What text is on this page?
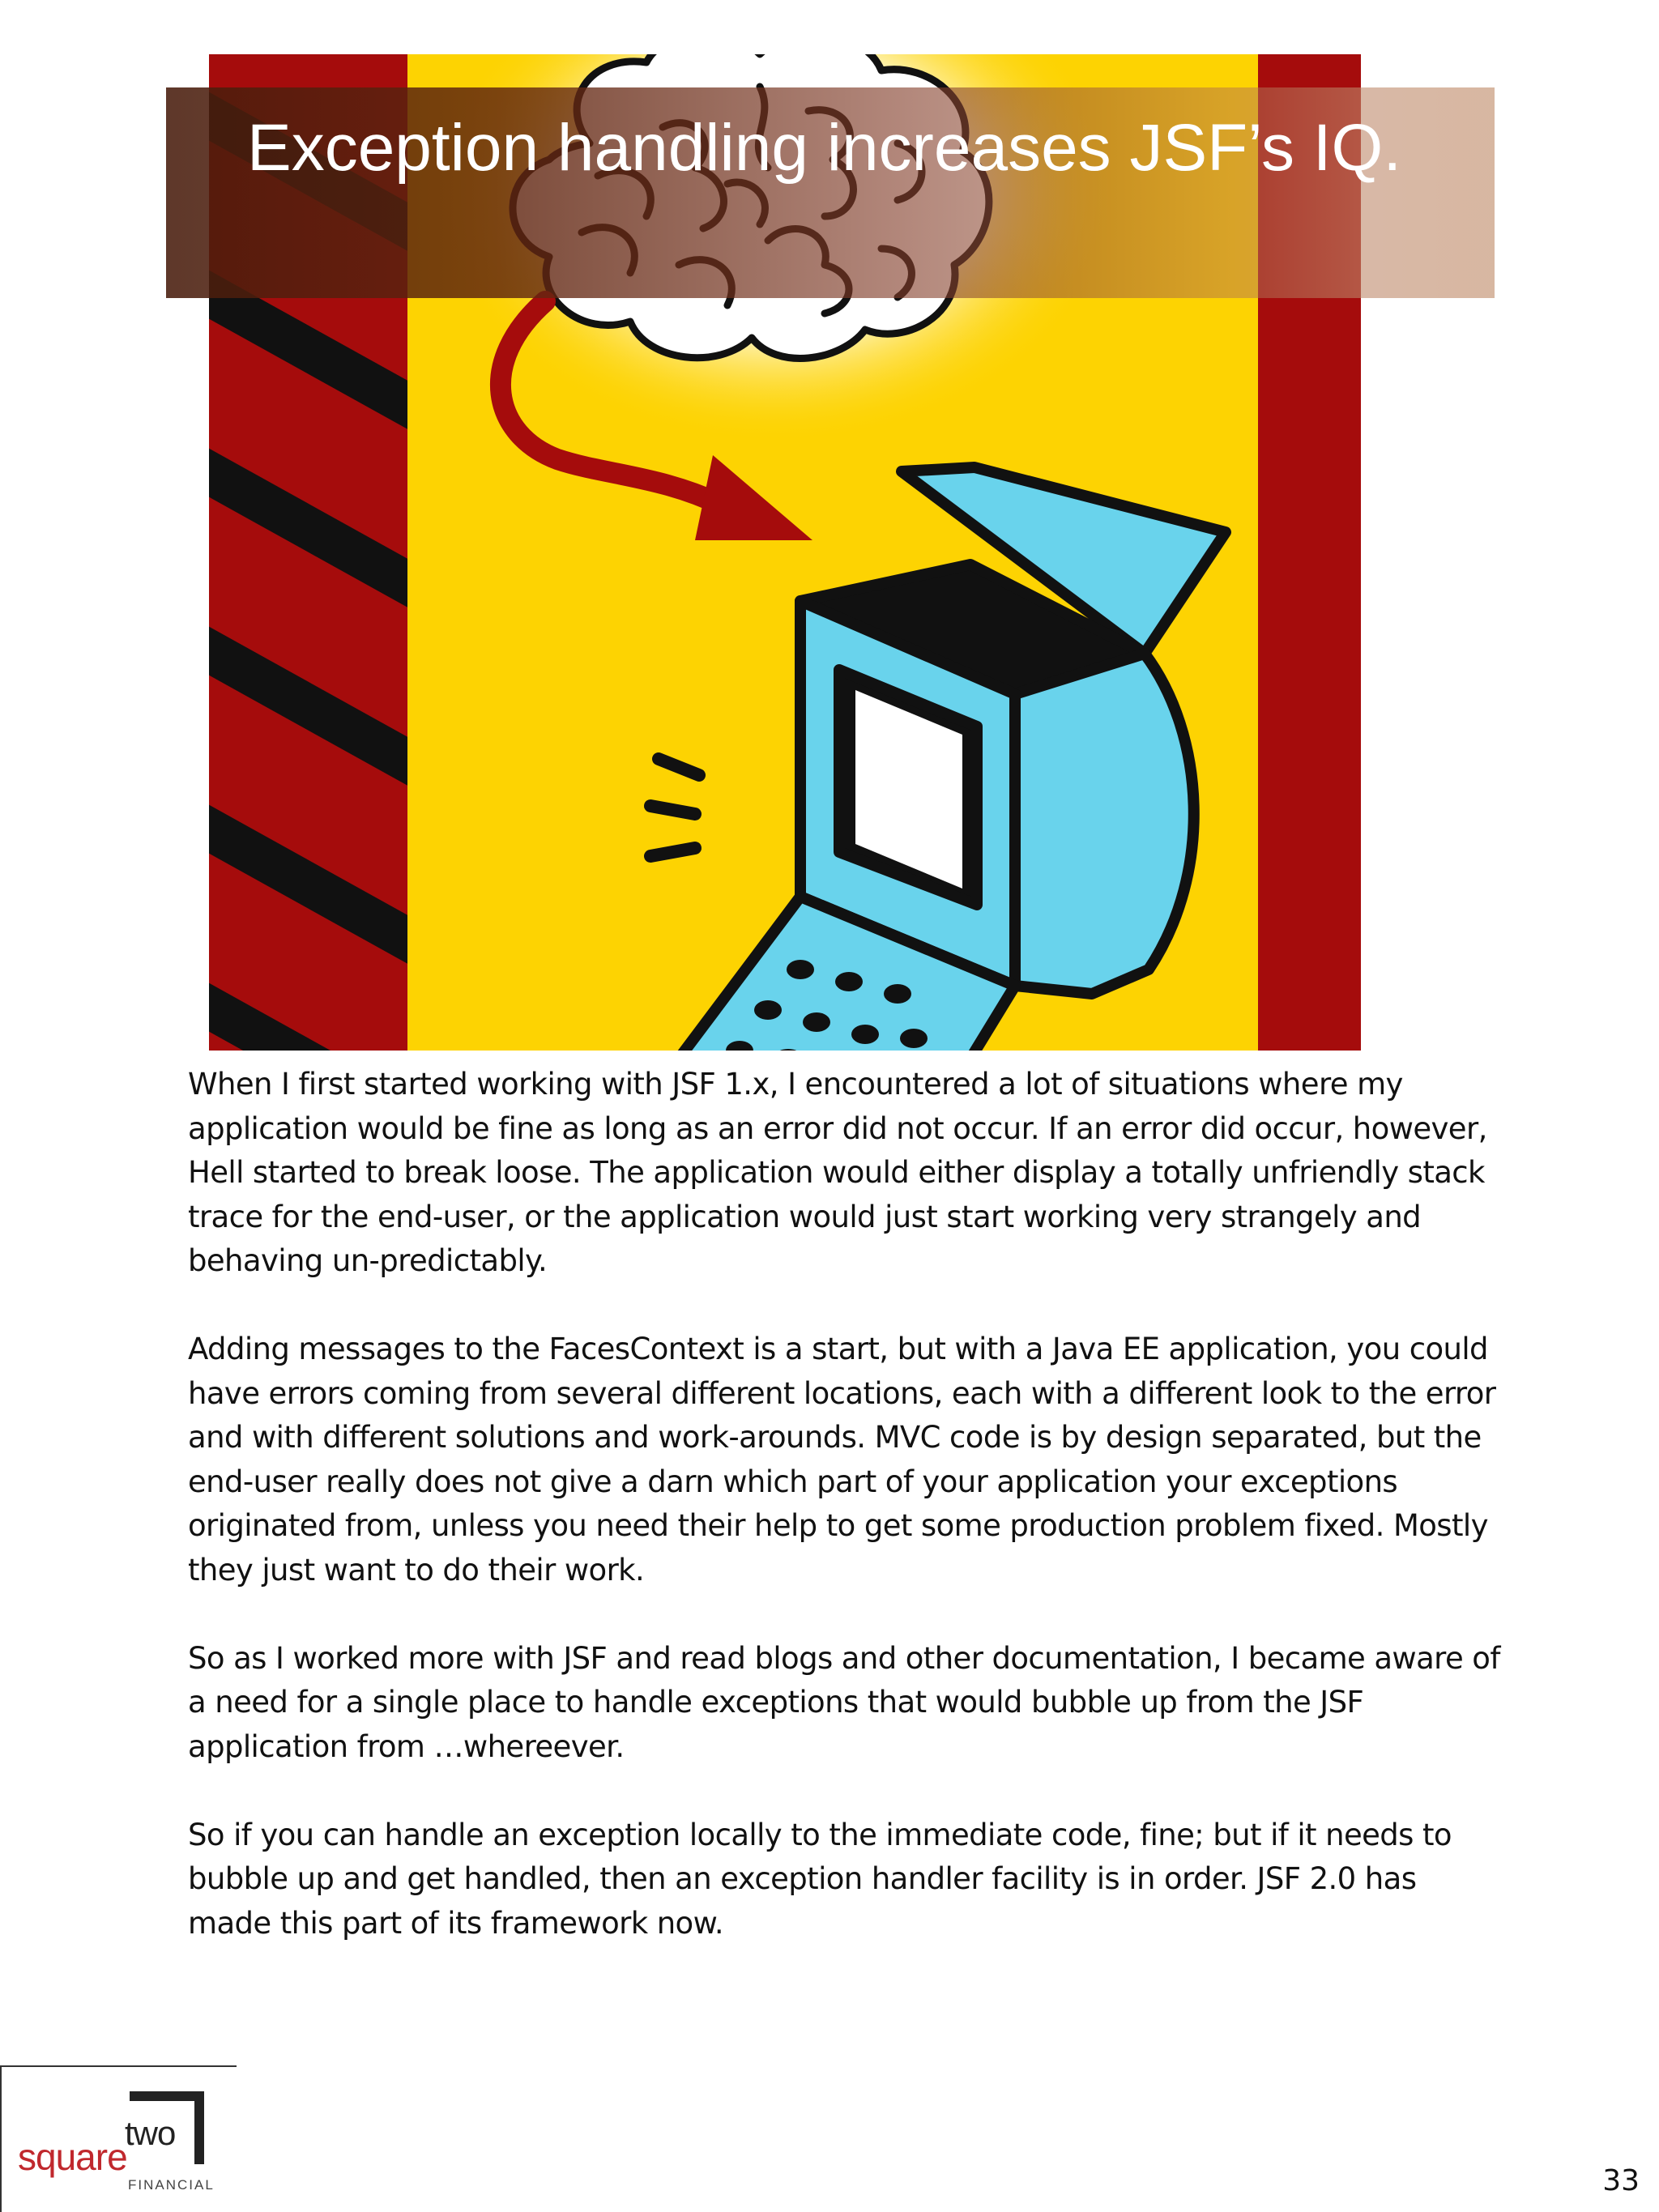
Exception handling increases JSF’s IQ.

When I first started working with JSF 1.x, I encountered a lot of situations where my application would be fine as long as an error did not occur. If an error did occur, however, Hell started to break loose. The application would either display a totally unfriendly stack trace for the end-user, or the application would just start working very strangely and behaving un-predictably.

Adding messages to the FacesContext is a start, but with a Java EE application, you could have errors coming from several different locations, each with a different look to the error and with different solutions and work-arounds. MVC code is by design separated, but the end-user really does not give a darn which part of your application your exceptions originated from, unless you need their help to get some production problem fixed. Mostly they just want to do their work.

So as I worked more with JSF and read blogs and other documentation, I became aware of a need for a single place to handle exceptions that would bubble up from the JSF application from …whereever.

So if you can handle an exception locally to the immediate code, fine; but if it needs to bubble up and get handled, then an exception handler facility is in order. JSF 2.0 has made this part of its framework now.

square
two
FINANCIAL	33
